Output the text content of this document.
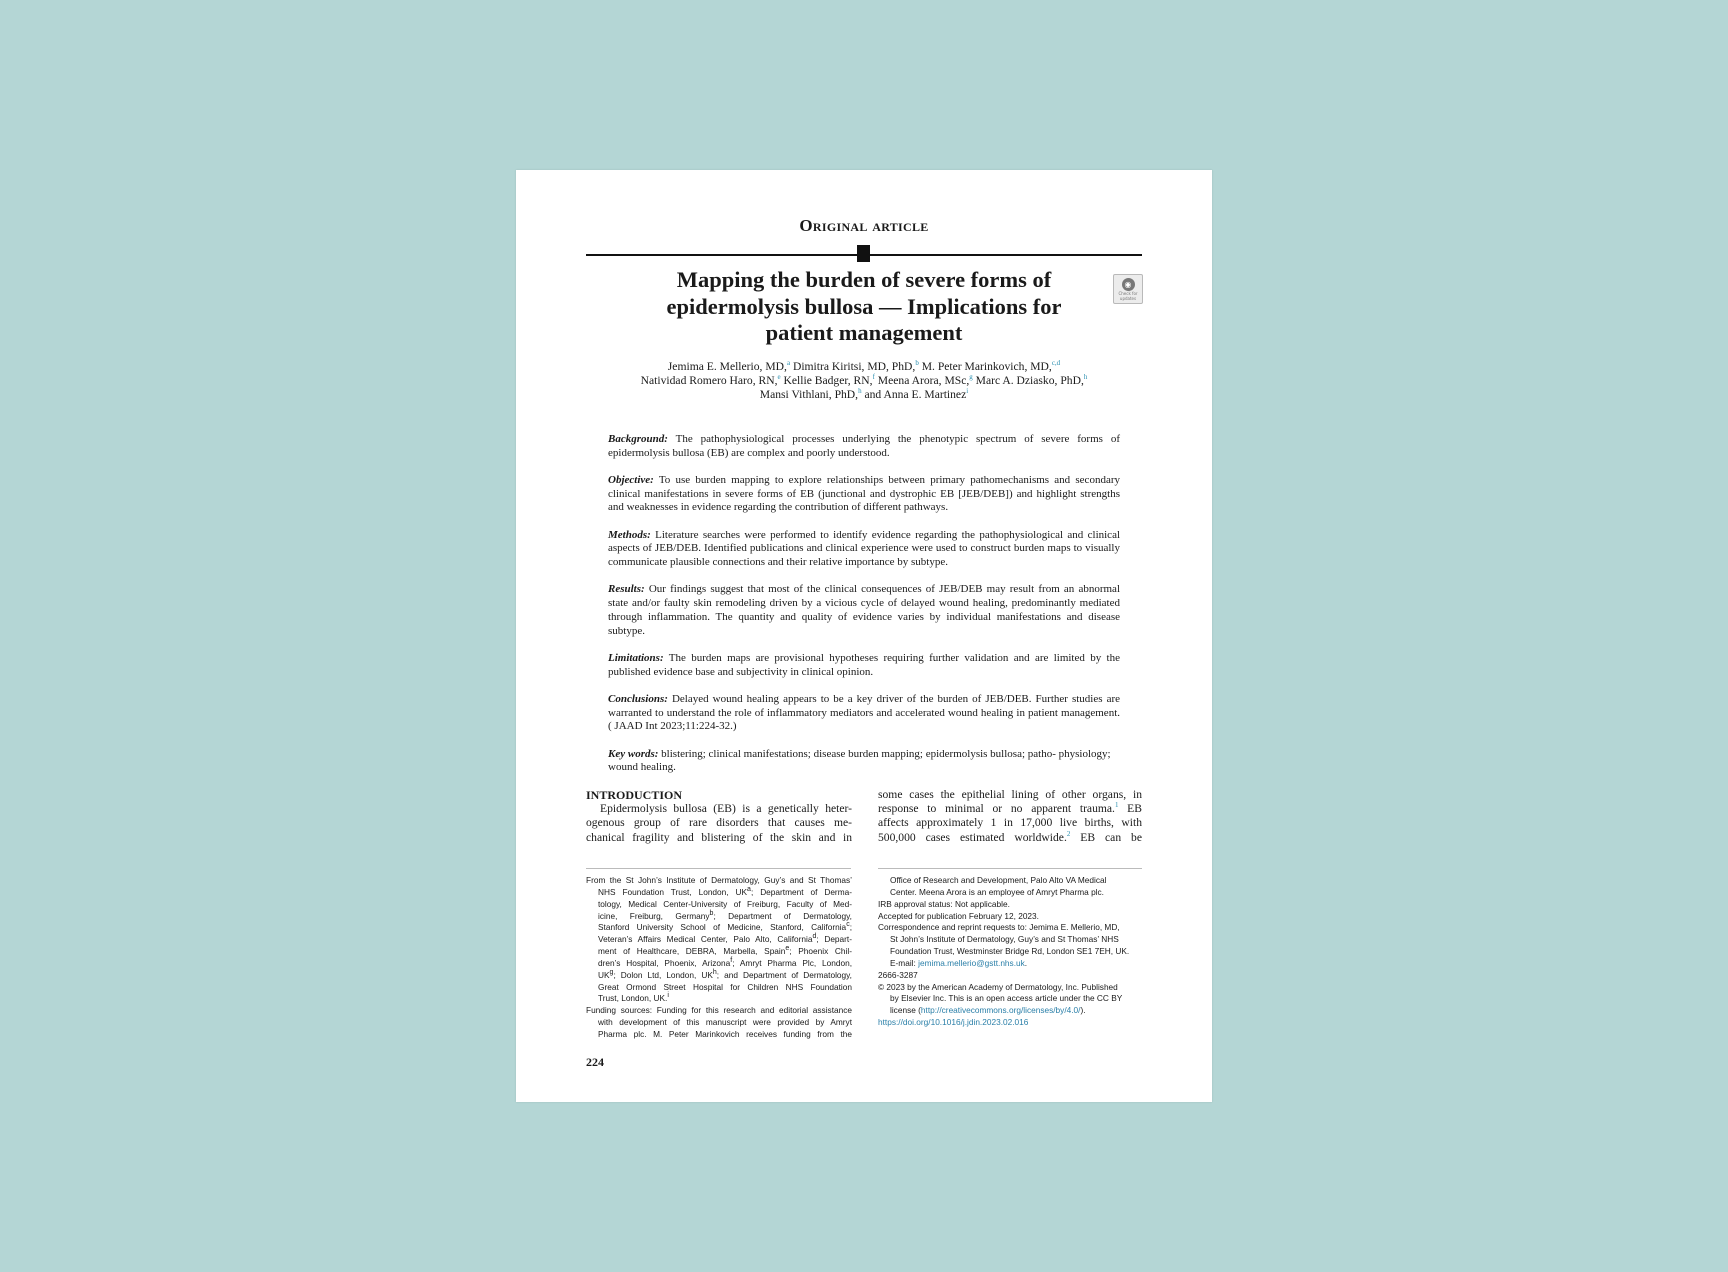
Original article
◉
Check for
updates
Mapping the burden of severe forms of
epidermolysis bullosa — Implications for
patient management
Jemima E. Mellerio, MD,$^a$ Dimitra Kiritsi, MD, PhD,$^b$ M. Peter Marinkovich, MD,$^{c,d}$
Natividad Romero Haro, RN,$^e$ Kellie Badger, RN,$^f$ Meena Arora, MSc,$^g$ Marc A. Dziasko, PhD,$^h$
Mansi Vithlani, PhD,$^h$ and Anna E. Martinez$^i$

Background: The pathophysiological processes underlying the phenotypic spectrum of severe forms of epidermolysis bullosa (EB) are complex and poorly understood.

Objective: To use burden mapping to explore relationships between primary pathomechanisms and secondary clinical manifestations in severe forms of EB (junctional and dystrophic EB [JEB/DEB]) and highlight strengths and weaknesses in evidence regarding the contribution of different pathways.

Methods: Literature searches were performed to identify evidence regarding the pathophysiological and clinical aspects of JEB/DEB. Identified publications and clinical experience were used to construct burden maps to visually communicate plausible connections and their relative importance by subtype.

Results: Our findings suggest that most of the clinical consequences of JEB/DEB may result from an abnormal state and/or faulty skin remodeling driven by a vicious cycle of delayed wound healing, predominantly mediated through inflammation. The quantity and quality of evidence varies by individual manifestations and disease subtype.

Limitations: The burden maps are provisional hypotheses requiring further validation and are limited by the published evidence base and subjectivity in clinical opinion.

Conclusions: Delayed wound healing appears to be a key driver of the burden of JEB/DEB. Further studies are warranted to understand the role of inflammatory mediators and accelerated wound healing in patient management. ( JAAD Int 2023;11:224-32.)

Key words: blistering; clinical manifestations; disease burden mapping; epidermolysis bullosa; patho- physiology; wound healing.

INTRODUCTION
Epidermolysis bullosa (EB) is a genetically heter-
ogenous group of rare disorders that causes me-
chanical fragility and blistering of the skin and in
some cases the epithelial lining of other organs, in
response to minimal or no apparent trauma.$^1$ EB
affects approximately 1 in 17,000 live births, with
500,000 cases estimated worldwide.$^2$ EB can be
From the St John’s Institute of Dermatology, Guy’s and St Thomas’
NHS Foundation Trust, London, UK$^a$; Department of Derma-
tology, Medical Center-University of Freiburg, Faculty of Med-
icine, Freiburg, Germany$^b$; Department of Dermatology,
Stanford University School of Medicine, Stanford, California$^c$;
Veteran’s Affairs Medical Center, Palo Alto, California$^d$; Depart-
ment of Healthcare, DEBRA, Marbella, Spain$^e$; Phoenix Chil-
dren’s Hospital, Phoenix, Arizona$^f$; Amryt Pharma Plc, London,
UK$^g$; Dolon Ltd, London, UK$^h$; and Department of Dermatology,
Great Ormond Street Hospital for Children NHS Foundation
Trust, London, UK.$^i$
Funding sources: Funding for this research and editorial assistance
with development of this manuscript were provided by Amryt
Pharma plc. M. Peter Marinkovich receives funding from the
Office of Research and Development, Palo Alto VA Medical
Center. Meena Arora is an employee of Amryt Pharma plc.
IRB approval status: Not applicable.
Accepted for publication February 12, 2023.
Correspondence and reprint requests to: Jemima E. Mellerio, MD,
St John’s Institute of Dermatology, Guy’s and St Thomas’ NHS
Foundation Trust, Westminster Bridge Rd, London SE1 7EH, UK.
E-mail: jemima.mellerio@gstt.nhs.uk.
2666-3287
© 2023 by the American Academy of Dermatology, Inc. Published
by Elsevier Inc. This is an open access article under the CC BY
license (http://creativecommons.org/licenses/by/4.0/).
https://doi.org/10.1016/j.jdin.2023.02.016
224
